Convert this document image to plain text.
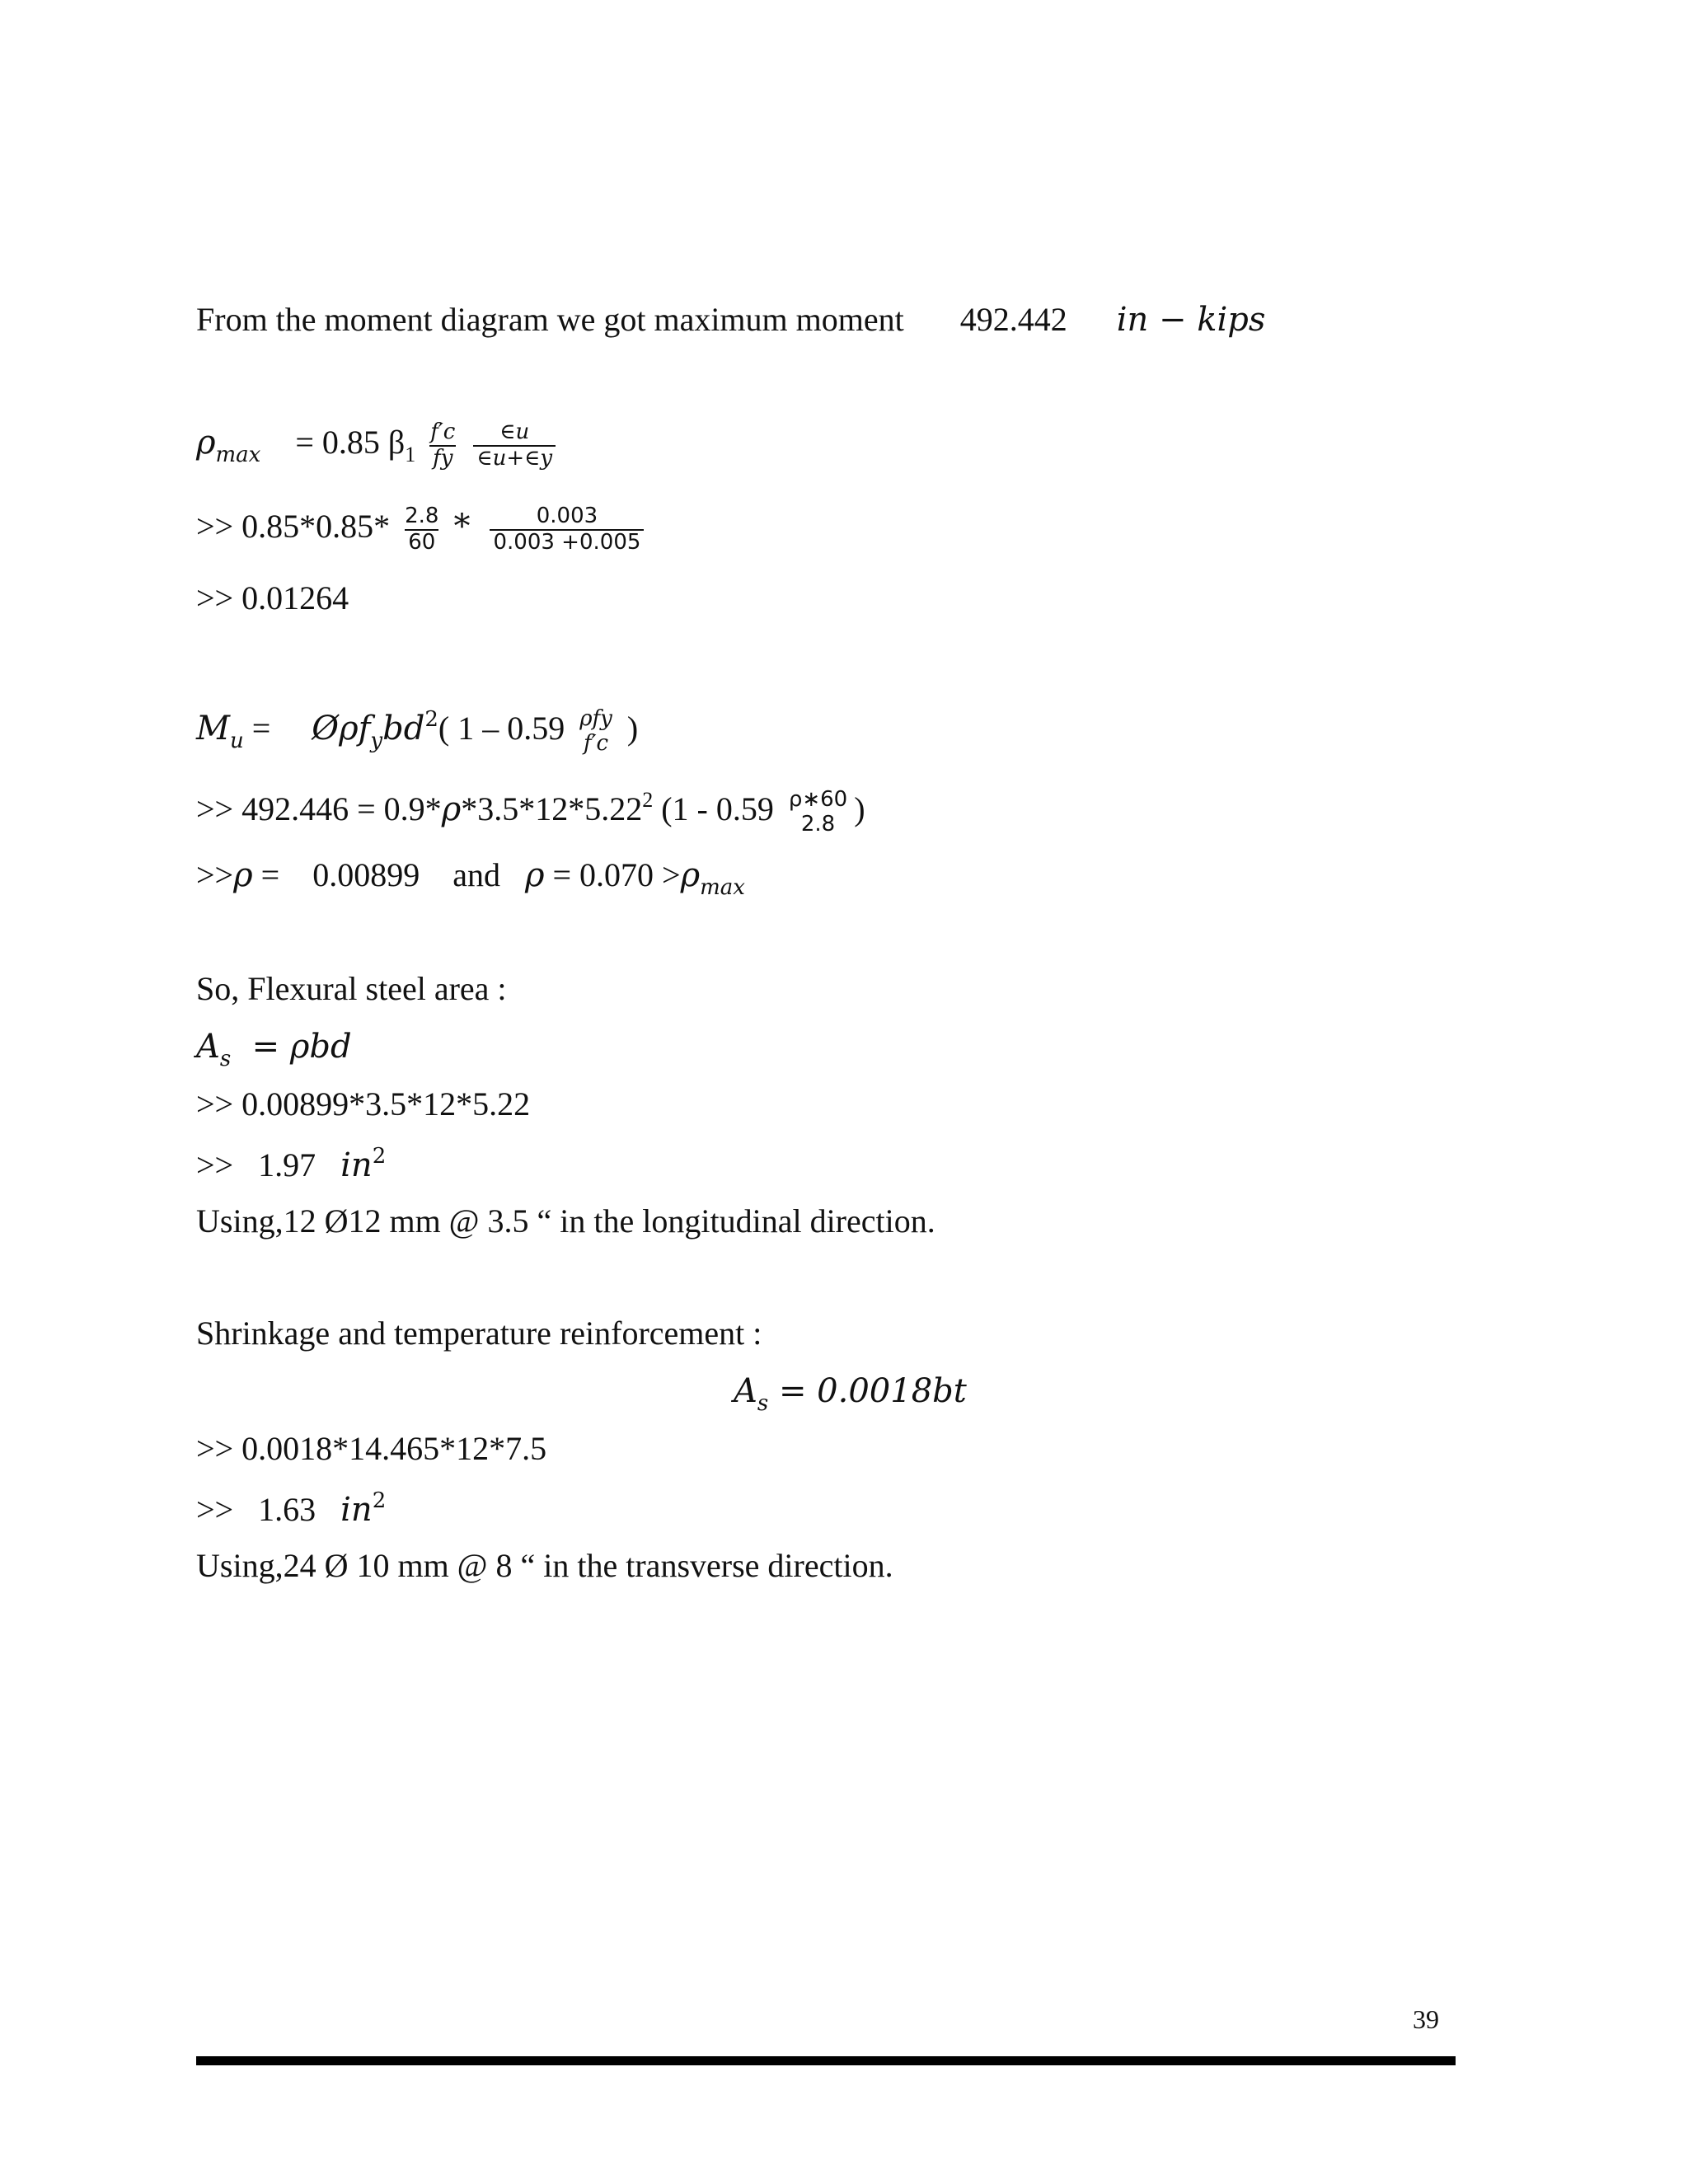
From the moment diagram we got maximum moment 492.442 in − kips
$\rho_{max} = 0.85$ $\beta_1 \frac{f'c}{fy}$
$\frac{\in u}{\in u+\in y}$
>> $0.85*0.85* \frac{2.8}{60} * \frac{0.003}{0.003 +0.005}$
>> 0.01264
$M_u$ =  $Ø\rho f_ybd^2$( 1 – 0.59 ρfy
f′c )
>> $492.446 = 0.9*\rho*3.5*12*5.22^2$ (1 - 0.59 ρ∗60
2.8 )
>>ρ =    0.00899    and   $\rho = 0.070 >\rho_{max}$
So, Flexural steel area :
$A_s = \rho bd$
>> 0.00899*3.5*12*5.22
>>   1.97   $in^2$
Using,12 Ø12 mm @ 3.5 “ in the longitudinal direction.
Shrinkage and temperature reinforcement :
$A_s = 0.0018bt$
>> 0.0018*14.465*12*7.5
>>   1.63   $in^2$
Using,24 Ø 10 mm @ 8 “ in the transverse direction.
39
